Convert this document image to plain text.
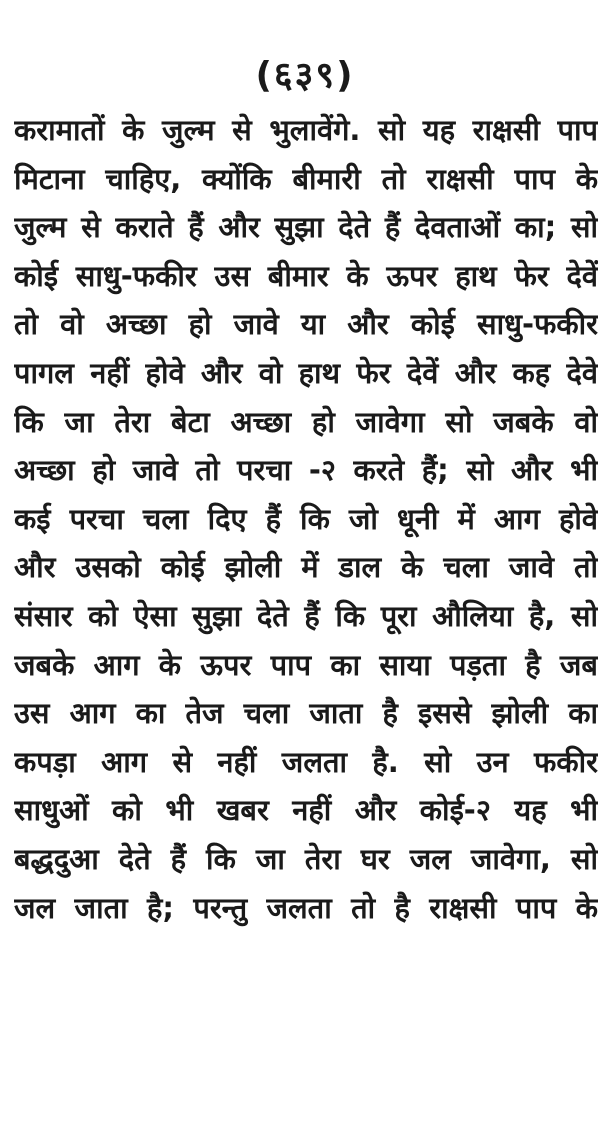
(६३९)
करामातों के जुल्म से भुलावेंगे. सो यह राक्षसी पाप
मिटाना चाहिए, क्योंकि बीमारी तो राक्षसी पाप के
जुल्म से कराते हैं और सुझा देते हैं देवताओं का; सो
कोई साधु-फकीर उस बीमार के ऊपर हाथ फेर देवें
तो वो अच्छा हो जावे या और कोई साधु-फकीर
पागल नहीं होवे और वो हाथ फेर देवें और कह देवे
कि जा तेरा बेटा अच्छा हो जावेगा सो जबके वो
अच्छा हो जावे तो परचा -२ करते हैं; सो और भी
कई परचा चला दिए हैं कि जो धूनी में आग होवे
और उसको कोई झोली में डाल के चला जावे तो
संसार को ऐसा सुझा देते हैं कि पूरा औलिया है, सो
जबके आग के ऊपर पाप का साया पड़ता है जब
उस आग का तेज चला जाता है इससे झोली का
कपड़ा आग से नहीं जलता है. सो उन फकीर
साधुओं को भी खबर नहीं और कोई-२ यह भी
बद्धदुआ देते हैं कि जा तेरा घर जल जावेगा, सो
जल जाता है; परन्तु जलता तो है राक्षसी पाप के
